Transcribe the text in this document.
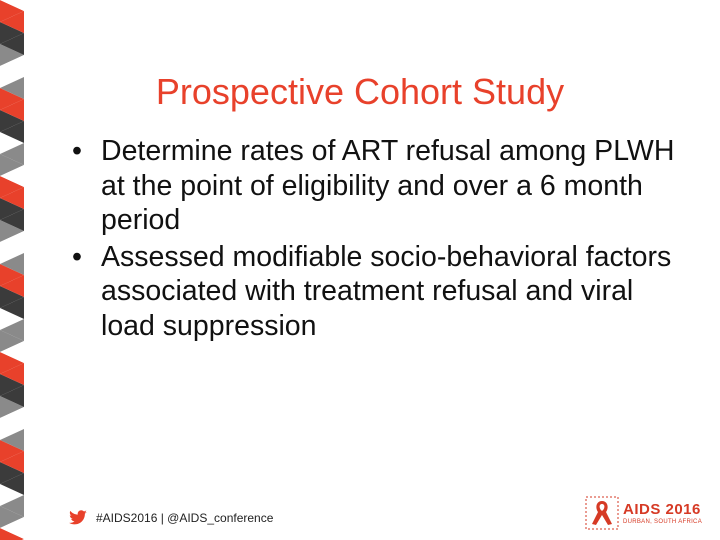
Prospective Cohort Study
• Determine rates of ART refusal among PLWH at the point of eligibility and over a 6 month period
• Assessed modifiable socio-behavioral factors associated with treatment refusal and viral load suppression
#AIDS2016 | @AIDS_conference
AIDS 2016
DURBAN, SOUTH AFRICA
